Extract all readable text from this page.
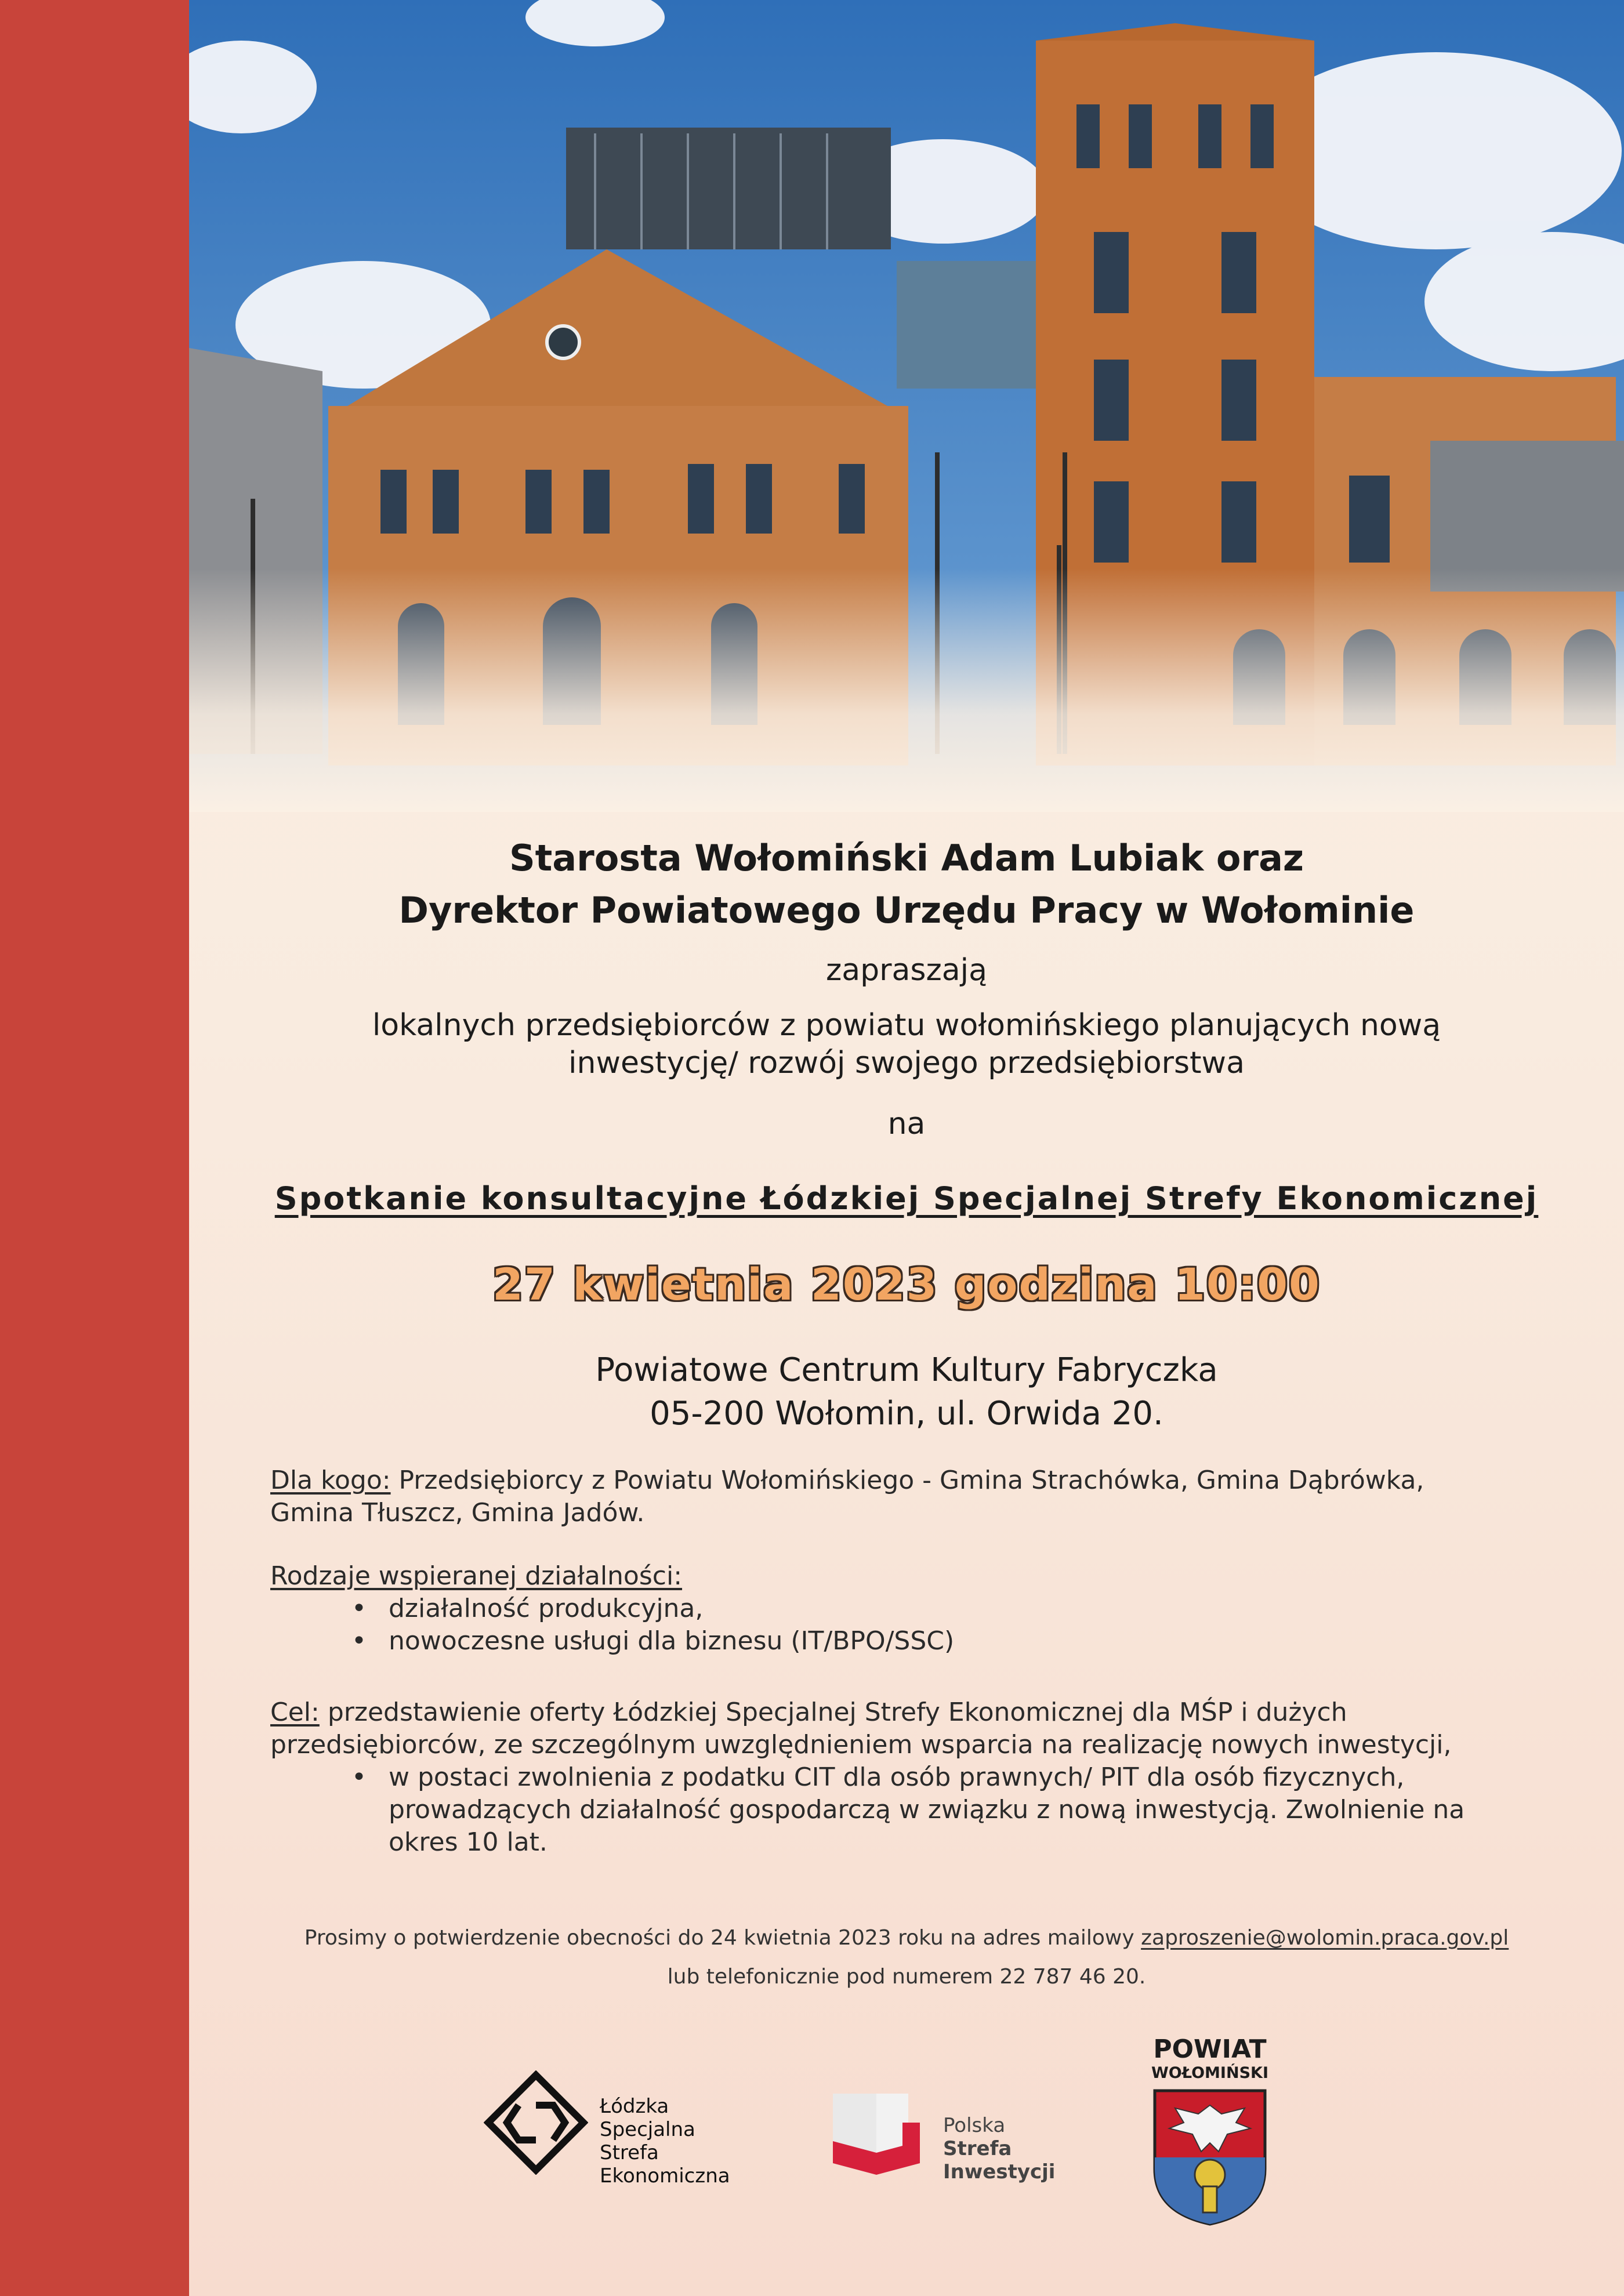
Starosta Wołomiński Adam Lubiak oraz
Dyrektor Powiatowego Urzędu Pracy w Wołominie
zapraszają
lokalnych przedsiębiorców z powiatu wołomińskiego planujących nową
inwestycję/ rozwój swojego przedsiębiorstwa
na
Spotkanie konsultacyjne Łódzkiej Specjalnej Strefy Ekonomicznej
27 kwietnia 2023 godzina 10:00
Powiatowe Centrum Kultury Fabryczka
05-200 Wołomin, ul. Orwida 20.
Dla kogo: Przedsiębiorcy z Powiatu Wołomińskiego - Gmina Strachówka, Gmina Dąbrówka,
Gmina Tłuszcz, Gmina Jadów.
Rodzaje wspieranej działalności:
• działalność produkcyjna,
• nowoczesne usługi dla biznesu (IT/BPO/SSC)
Cel: przedstawienie oferty Łódzkiej Specjalnej Strefy Ekonomicznej dla MŚP i dużych
przedsiębiorców, ze szczególnym uwzględnieniem wsparcia na realizację nowych inwestycji,
• w postaci zwolnienia z podatku CIT dla osób prawnych/ PIT dla osób fizycznych,
prowadzących działalność gospodarczą w związku z nową inwestycją. Zwolnienie na
okres 10 lat.
Prosimy o potwierdzenie obecności do 24 kwietnia 2023 roku na adres mailowy zaproszenie@wolomin.praca.gov.pl
lub telefonicznie pod numerem 22 787 46 20.
Łódzka
Specjalna Strefa
Ekonomiczna
Polska
Strefa Inwestycji
POWIAT
WOŁOMIŃSKI
